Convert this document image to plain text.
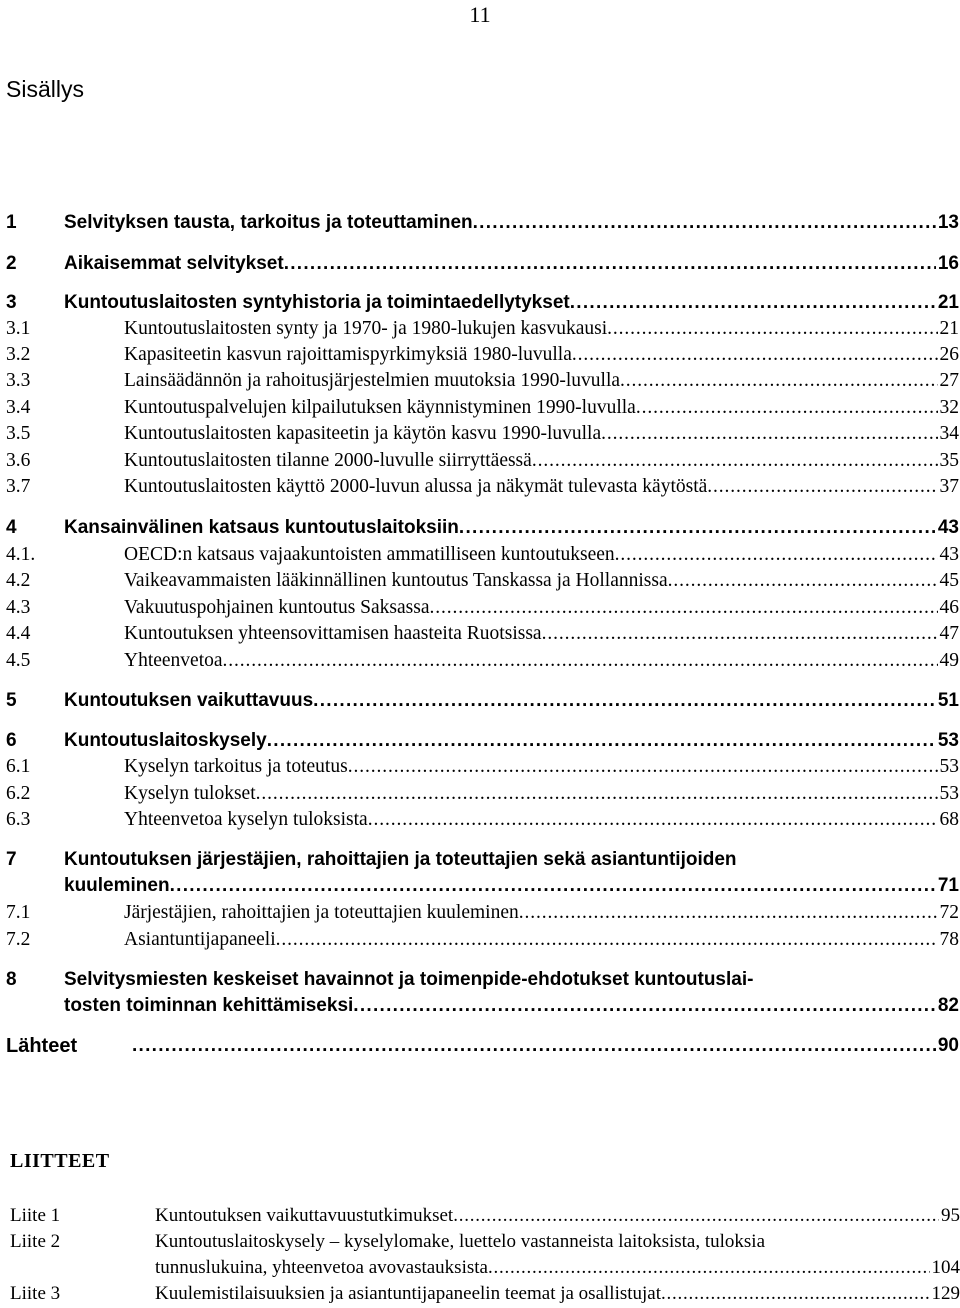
11
Sisällys
1 Selvityksen tausta, tarkoitus ja toteuttaminen . . .	13
2 Aikaisemmat selvitykset . . .	16
3 Kuntoutuslaitosten syntyhistoria ja toimintaedellytykset . . .	21
3.1	Kuntoutuslaitosten synty ja 1970- ja 1980-lukujen kasvukausi . . .	21
3.2	Kapasiteetin kasvun rajoittamispyrkimyksiä 1980-luvulla . . .	26
3.3	Lainsäädännön ja rahoitusjärjestelmien muutoksia 1990-luvulla . . .	27
3.4	Kuntoutuspalvelujen kilpailutuksen käynnistyminen 1990-luvulla . . .	32
3.5	Kuntoutuslaitosten kapasiteetin ja käytön kasvu 1990-luvulla . . .	34
3.6	Kuntoutuslaitosten tilanne 2000-luvulle siirryttäessä . . .	35
3.7	Kuntoutuslaitosten käyttö 2000-luvun alussa ja näkymät tulevasta käytöstä . . .	37
4 Kansainvälinen katsaus kuntoutuslaitoksiin . . .	43
4.1.	OECD:n katsaus vajaakuntoisten ammatilliseen kuntoutukseen . . .	43
4.2	Vaikeavammaisten lääkinnällinen kuntoutus Tanskassa ja Hollannissa . . .	45
4.3	Vakuutuspohjainen kuntoutus Saksassa . . .	46
4.4	Kuntoutuksen yhteensovittamisen haasteita Ruotsissa . . .	47
4.5	Yhteenvetoa . . .	49
5 Kuntoutuksen vaikuttavuus . . .	51
6 Kuntoutuslaitoskysely . . .	53
6.1	Kyselyn tarkoitus ja toteutus . . .	53
6.2	Kyselyn tulokset . . .	53
6.3	Yhteenvetoa kyselyn tuloksista . . .	68
7 Kuntoutuksen järjestäjien, rahoittajien ja toteuttajien sekä asiantuntijoiden
kuuleminen . . .	71
7.1	Järjestäjien, rahoittajien ja toteuttajien kuuleminen . . .	72
7.2	Asiantuntijapaneeli . . .	78
8 Selvitysmiesten keskeiset havainnot ja toimenpide-ehdotukset kuntoutuslai-
tosten toiminnan kehittämiseksi . . .	82
Lähteet . . .	90
LIITTEET
Liite 1	Kuntoutuksen vaikuttavuustutkimukset . . .	95
Liite 2	Kuntoutuslaitoskysely – kyselylomake, luettelo vastanneista laitoksista, tuloksia
tunnuslukuina, yhteenvetoa avovastauksista . . .	104
Liite 3	Kuulemistilaisuuksien ja asiantuntijapaneelin teemat ja osallistujat . . .	129
